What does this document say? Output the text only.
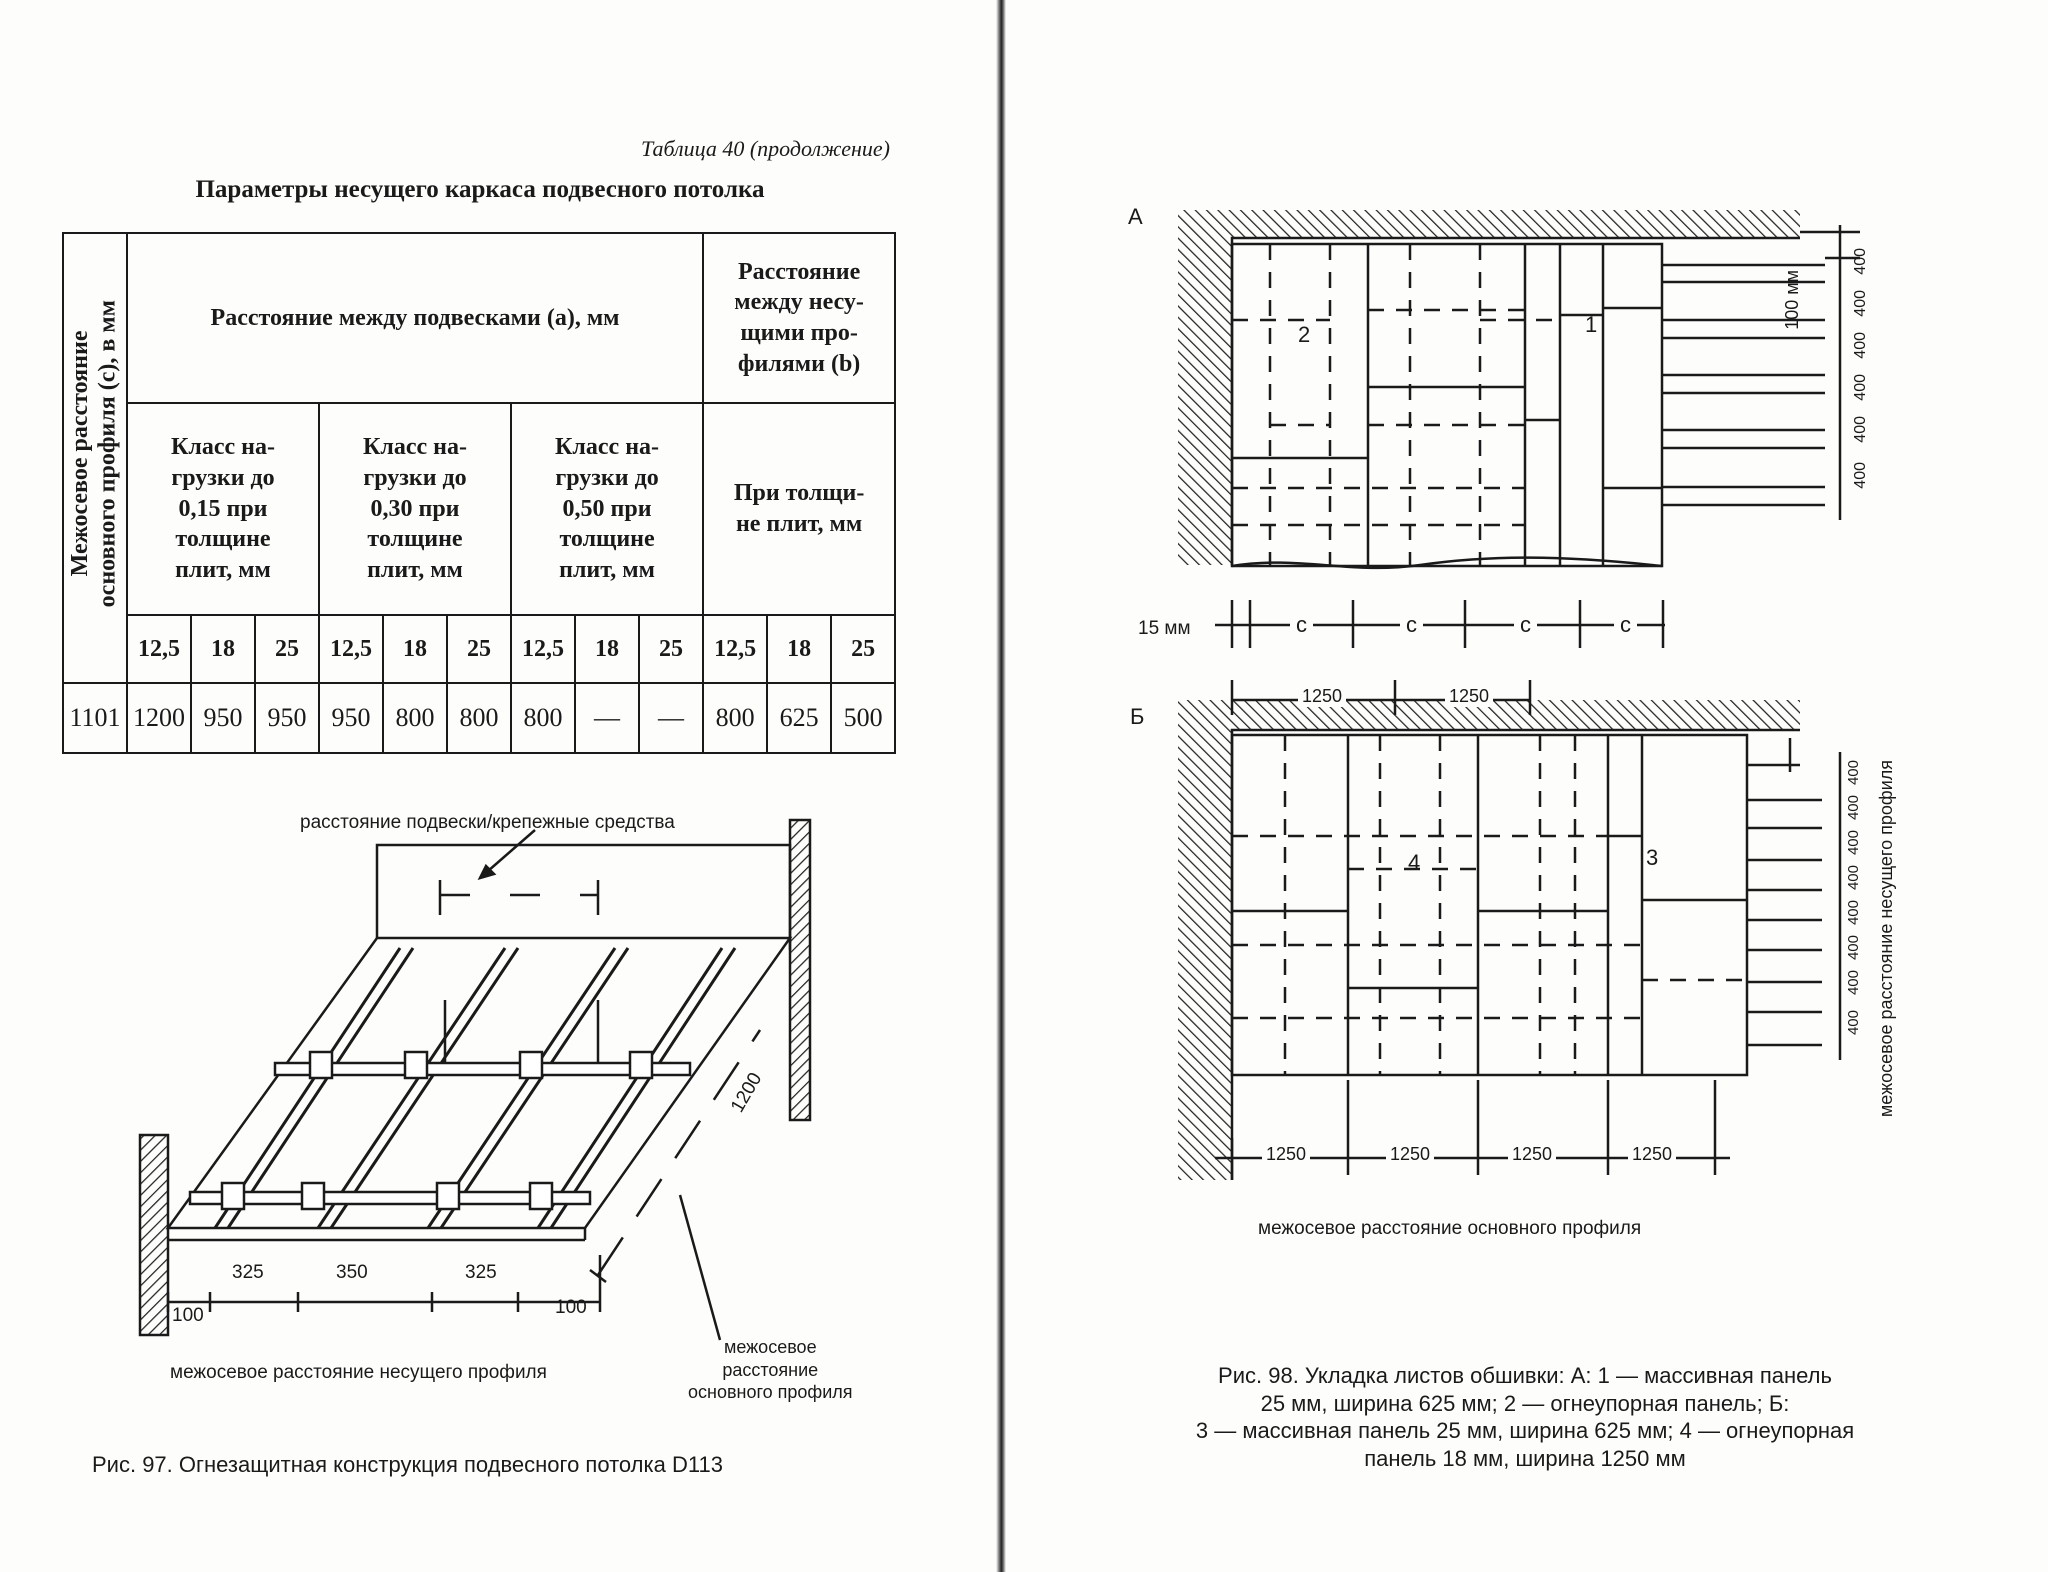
Таблица 40 (продолжение)
Параметры несущего каркаса подвесного потолка
Межосевое расстояние
основного профиля (с), в мм	Расстояние между подвесками (а), мм									Расстояние
между несу-
щими про-
филями (b)		
	Класс на-
грузки до
0,15 при
толщине
плит, мм			Класс на-
грузки до
0,30 при
толщине
плит, мм			Класс на-
грузки до
0,50 при
толщине
плит, мм			При толщи-
не плит, мм		
	12,5	18	25	12,5	18	25	12,5	18	25	12,5	18	25
1101	1200	950	950	950	800	800	800	—	—	800	625	500
расстояние подвески/крепежные средства
1200
325	350	325
100	100
межосевое расстояние несущего профиля
межосевое
расстояние
основного профиля
Рис. 97. Огнезащитная конструкция подвесного потолка D113
А
2	1	100 мм
400
400
400
400
400
400
15 мм	с	с	с	с
Б
1250	1250
4	3
400
400
400
400
400
400
400
400 межосевое расстояние несущего профиля
1250	1250	1250	1250
межосевое расстояние основного профиля
Рис. 98. Укладка листов обшивки: А: 1 — массивная панель
25 мм, ширина 625 мм; 2 — огнеупорная панель; Б:
3 — массивная панель 25 мм, ширина 625 мм; 4 — огнеупорная
панель 18 мм, ширина 1250 мм
